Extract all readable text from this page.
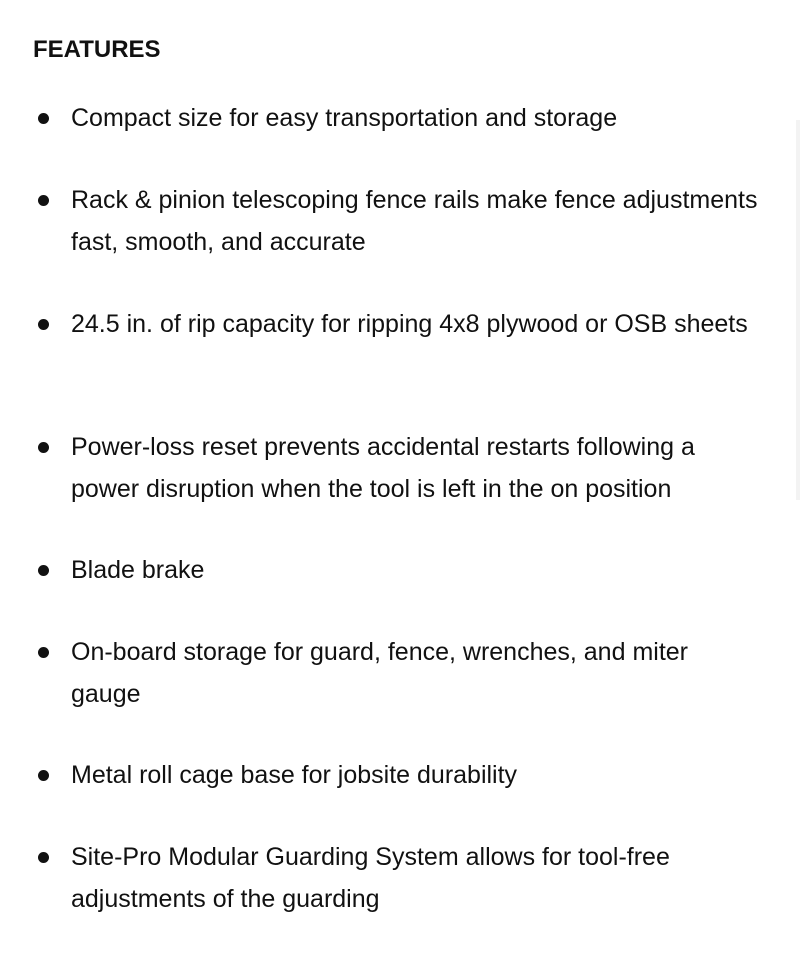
FEATURES

Compact size for easy transportation and storage

Rack & pinion telescoping fence rails make fence adjustments fast, smooth, and accurate

24.5 in. of rip capacity for ripping 4x8 plywood or OSB sheets

Power-loss reset prevents accidental restarts following a power disruption when the tool is left in the on position

Blade brake

On-board storage for guard, fence, wrenches, and miter gauge

Metal roll cage base for jobsite durability

Site-Pro Modular Guarding System allows for tool-free adjustments of the guarding
